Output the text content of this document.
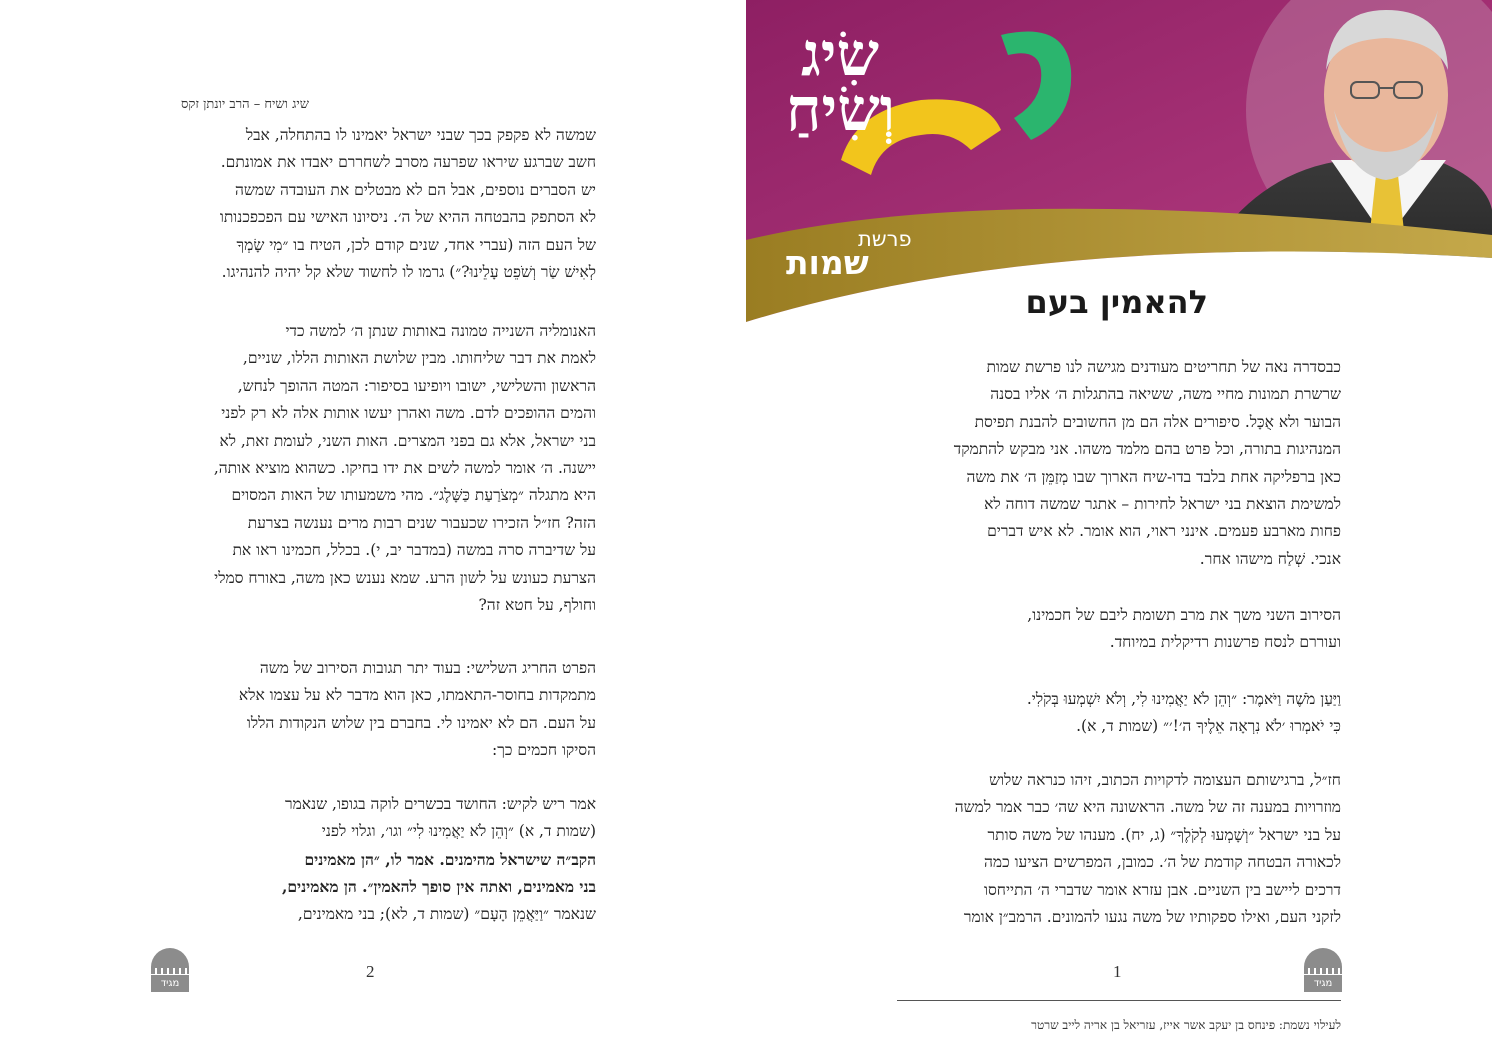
שיג ושיח – הרב יונתן זקס
שמשה לא פקפק בכך שבני ישראל יאמינו לו בהתחלה, אבל
חשב שברגע שיראו שפרעה מסרב לשחררם יאבדו את אמונתם.
יש הסברים נוספים, אבל הם לא מבטלים את העובדה שמשה
לא הסתפק בהבטחה ההיא של ה׳. ניסיונו האישי עם הפכפכנותו
של העם הזה (עברי אחד, שנים קודם לכן, הטיח בו ״מִי שָׂמְךָ
לְאִישׁ שַׂר וְשֹׁפֵט עָלֵינוּ?״) גרמו לו לחשוד שלא קל יהיה להנהיגו.
האנומליה השנייה טמונה באותות שנתן ה׳ למשה כדי
לאמת את דבר שליחותו. מבין שלושת האותות הללו, שניים,
הראשון והשלישי, ישובו ויופיעו בסיפור: המטה ההופך לנחש,
והמים ההופכים לדם. משה ואהרן יעשו אותות אלה לא רק לפני
בני ישראל, אלא גם בפני המצרים. האות השני, לעומת זאת, לא
יישנה. ה׳ אומר למשה לשים את ידו בחיקו. כשהוא מוציא אותה,
היא מתגלה ״מְצֹרַעַת כַּשָּׁלֶג״. מהי משמעותו של האות המסוים
הזה? חז״ל הזכירו שכעבור שנים רבות מרים נענשה בצרעת
על שדיברה סרה במשה (במדבר יב, י). בכלל, חכמינו ראו את
הצרעת כעונש על לשון הרע. שמא נענש כאן משה, באורח סמלי
וחולף, על חטא זה?
הפרט החריג השלישי: בעוד יתר תגובות הסירוב של משה
מתמקדות בחוסר-התאמתו, כאן הוא מדבר לא על עצמו אלא
על העם. הם לא יאמינו לי. בחברם בין שלוש הנקודות הללו
הסיקו חכמים כך:
אמר ריש לקיש: החושד בכשרים לוקה בגופו, שנאמר
(שמות ד, א) ״וְהֵן לֹא יַאֲמִינוּ לִי״ וגו׳, וגלוי לפני
הקב״ה שישראל מהימנים. אמר לו, ״הן מאמינים
בני מאמינים, ואתה אין סופך להאמין״. הן מאמינים,
שנאמר ״וַיַּאֲמֵן הָעָם״ (שמות ד, לא); בני מאמינים,
מגיד
2
שִׂיג
וְשִׂיחַ
פרשת
שמות
להאמין בעם
כבסדרה נאה של תחריטים מעודנים מגישה לנו פרשת שמות
שרשרת תמונות מחיי משה, ששיאה בהתגלות ה׳ אליו בסנה
הבוער ולא אֻכָּל. סיפורים אלה הם מן החשובים להבנת תפיסת
המנהיגות בתורה, וכל פרט בהם מלמד משהו. אני מבקש להתמקד
כאן ברפליקה אחת בלבד בדו-שיח הארוך שבו מְזַמֵּן ה׳ את משה
למשימת הוצאת בני ישראל לחירות – אתגר שמשה דוחה לא
פחות מארבע פעמים. אינני ראוי, הוא אומר. לא איש דברים
אנכי. שְׁלַח מישהו אחר.
הסירוב השני משך את מרב תשומת ליבם של חכמינו,
ועוררם לנסח פרשנות רדיקלית במיוחד.
וַיַּעַן מֹשֶׁה וַיֹּאמֶר: ״וְהֵן לֹא יַאֲמִינוּ לִי, וְלֹא יִשְׁמְעוּ בְּקֹלִי.
כִּי יֹאמְרוּ ׳לֹא נִרְאָה אֵלֶיךָ ה׳!׳״ (שמות ד, א).
חז״ל, ברגישותם העצומה לדקויות הכתוב, זיהו כנראה שלוש
מוזרויות במענה זה של משה. הראשונה היא שה׳ כבר אמר למשה
על בני ישראל ״וְשָׁמְעוּ לְקֹלֶךָ״ (ג, יח). מענהו של משה סותר
לכאורה הבטחה קודמת של ה׳. כמובן, המפרשים הציעו כמה
דרכים ליישב בין השניים. אבן עזרא אומר שדברי ה׳ התייחסו
לזקני העם, ואילו ספקותיו של משה נגעו להמונים. הרמב״ן אומר
מגיד
1
לעילוי נשמת: פינחס בן יעקב אשר אייז, עזריאל בן אריה לייב שרטר
